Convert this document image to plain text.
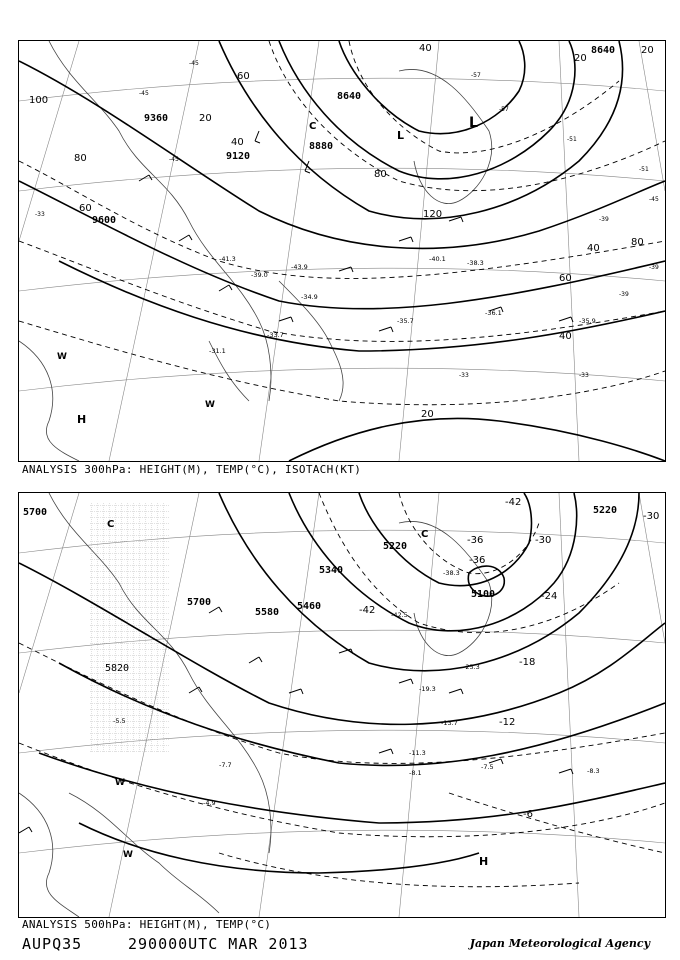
9360
9120
8880
8640
8640
9600
100
80
60
40
20
60
80
120
40
20
60
80
40
20
40
20
-45
-45
-57
-57
-51
-51
-45
-39
-39
-33
-33	-33
-45
-39
-43.9
-40.1
-35.7
-36.1
-35.9
-31.1
-34.9
-38.3
-41.3
-39.0
-33.7
H
L
L
C
W
W
ANALYSIS 300hPa: HEIGHT(M), TEMP(°C), ISOTACH(KT)
5700
5700
5580
5460
5340
5220
5220
5100
5820
-42
-36
-30
-24
-18
-12
-6
-42
-36
-30
-38.3
-42.5
-25.3
-19.3
-13.7
-11.3
-8.1
-7.5	-8.3
-5.5
-4.9
-7.7
H
C
C
W
W
ANALYSIS 500hPa: HEIGHT(M), TEMP(°C)
AUPQ35	290000UTC MAR 2013	Japan Meteorological Agency
